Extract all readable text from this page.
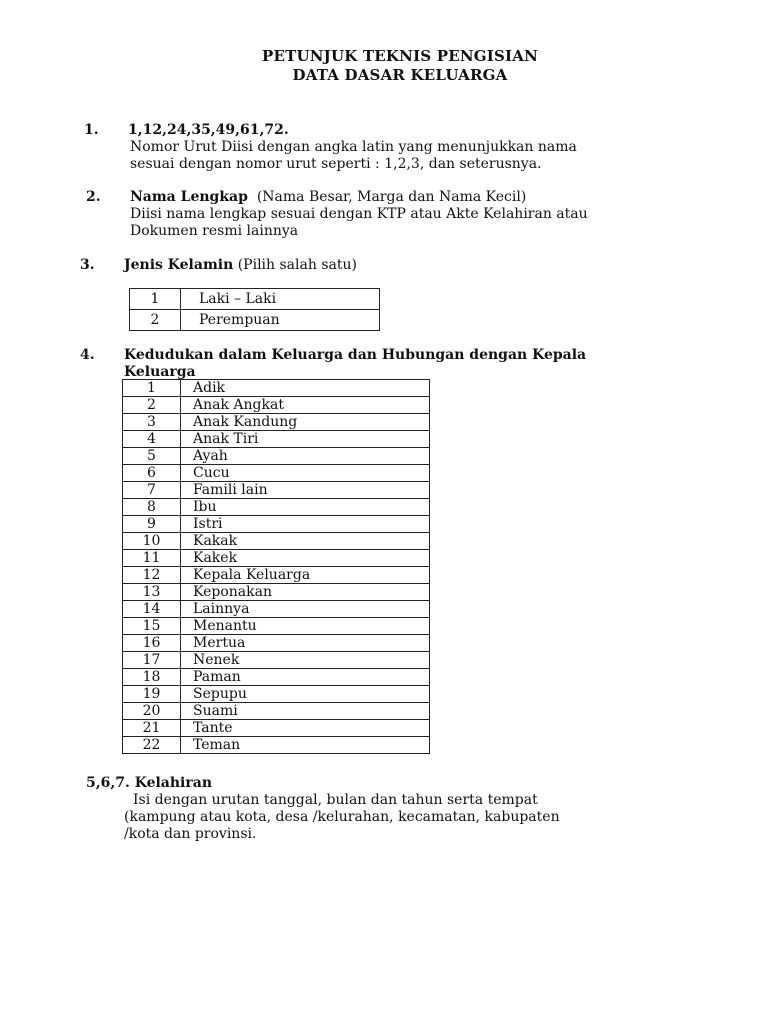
PETUNJUK TEKNIS PENGISIAN
DATA DASAR KELUARGA
1. 1,12,24,35,49,61,72.
Nomor Urut Diisi dengan angka latin yang menunjukkan nama
sesuai dengan nomor urut seperti : 1,2,3, dan seterusnya.
2. Nama Lengkap (Nama Besar, Marga dan Nama Kecil)
Diisi nama lengkap sesuai dengan KTP atau Akte Kelahiran atau
Dokumen resmi lainnya
3. Jenis Kelamin (Pilih salah satu)
1	Laki – Laki
2	Perempuan
4. Kedudukan dalam Keluarga dan Hubungan dengan Kepala
Keluarga
1	Adik
2	Anak Angkat
3	Anak Kandung
4	Anak Tiri
5	Ayah
6	Cucu
7	Famili lain
8	Ibu
9	Istri
10	Kakak
11	Kakek
12	Kepala Keluarga
13	Keponakan
14	Lainnya
15	Menantu
16	Mertua
17	Nenek
18	Paman
19	Sepupu
20	Suami
21	Tante
22	Teman
5,6,7. Kelahiran
Isi dengan urutan tanggal, bulan dan tahun serta tempat
(kampung atau kota, desa /kelurahan, kecamatan, kabupaten
/kota dan provinsi.
